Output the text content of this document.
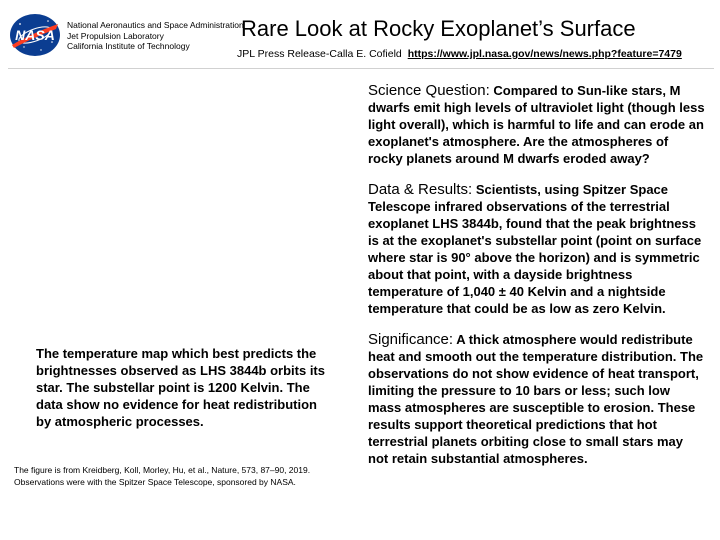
NASA
National Aeronautics and Space Administration
Jet Propulsion Laboratory
California Institute of Technology
Rare Look at Rocky Exoplanet’s Surface
JPL Press Release-Calla E. Cofield https://www.jpl.nasa.gov/news/news.php?feature=7479

Science Question: Compared to Sun-like stars, M dwarfs emit high levels of ultraviolet light (though less light overall), which is harmful to life and can erode an exoplanet's atmosphere. Are the atmospheres of rocky planets around M dwarfs eroded away?

Data & Results: Scientists, using Spitzer Space Telescope infrared observations of the terrestrial exoplanet LHS 3844b, found that the peak brightness is at the exoplanet's substellar point (point on surface where star is 90° above the horizon) and is symmetric about that point, with a dayside brightness temperature of 1,040 ± 40 Kelvin and a nightside temperature that could be as low as zero Kelvin.

Significance: A thick atmosphere would redistribute heat and smooth out the temperature distribution. The observations do not show evidence of heat transport, limiting the pressure to 10 bars or less; such low mass atmospheres are susceptible to erosion. These results support theoretical predictions that hot terrestrial planets orbiting close to small stars may not retain substantial atmospheres.

The temperature map which best predicts the brightnesses observed as LHS 3844b orbits its star. The substellar point is 1200 Kelvin. The data show no evidence for heat redistribution by atmospheric processes.
The figure is from Kreidberg, Koll, Morley, Hu, et al., Nature, 573, 87–90, 2019. Observations were with the Spitzer Space Telescope, sponsored by NASA.
